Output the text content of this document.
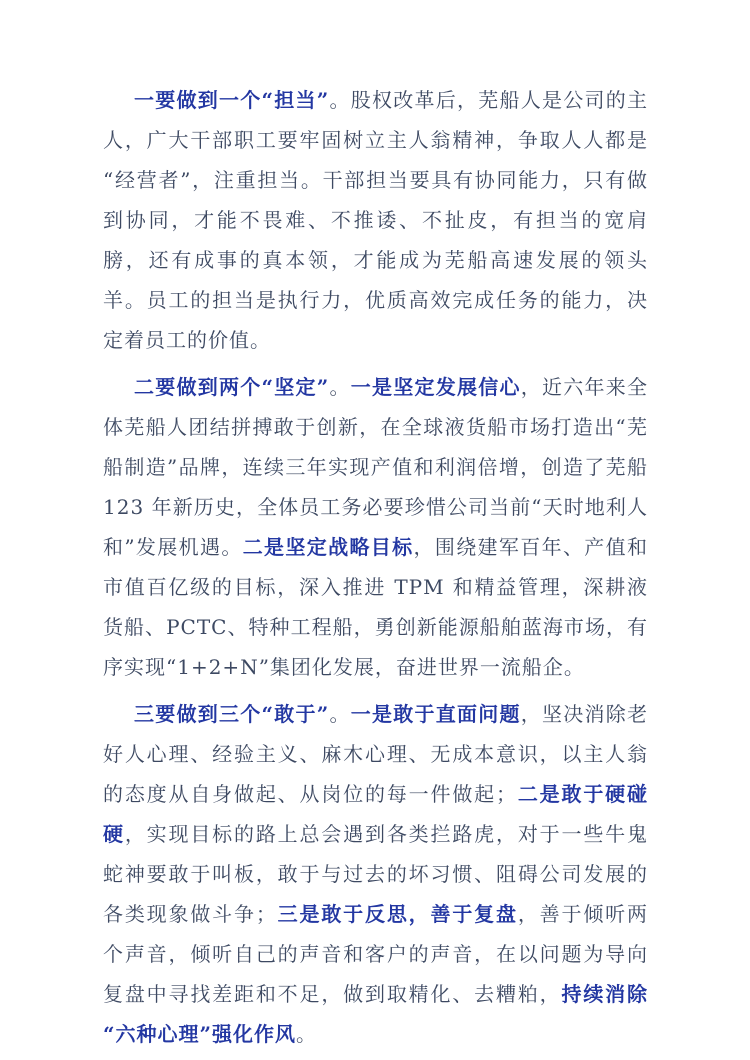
一要做到一个“担当”。股权改革后，芜船人是公司的主人，广大干部职工要牢固树立主人翁精神，争取人人都是“经营者”，注重担当。干部担当要具有协同能力，只有做到协同，才能不畏难、不推诿、不扯皮，有担当的宽肩膀，还有成事的真本领，才能成为芜船高速发展的领头羊。员工的担当是执行力，优质高效完成任务的能力，决定着员工的价值。

二要做到两个“坚定”。一是坚定发展信心，近六年来全体芜船人团结拼搏敢于创新，在全球液货船市场打造出“芜船制造”品牌，连续三年实现产值和利润倍增，创造了芜船 123 年新历史，全体员工务必要珍惜公司当前“天时地利人和”发展机遇。二是坚定战略目标，围绕建军百年、产值和市值百亿级的目标，深入推进 TPM 和精益管理，深耕液货船、PCTC、特种工程船，勇创新能源船舶蓝海市场，有序实现“1+2+N”集团化发展，奋进世界一流船企。

三要做到三个“敢于”。一是敢于直面问题，坚决消除老好人心理、经验主义、麻木心理、无成本意识，以主人翁的态度从自身做起、从岗位的每一件做起；二是敢于硬碰硬，实现目标的路上总会遇到各类拦路虎，对于一些牛鬼蛇神要敢于叫板，敢于与过去的坏习惯、阻碍公司发展的各类现象做斗争；三是敢于反思，善于复盘，善于倾听两个声音，倾听自己的声音和客户的声音，在以问题为导向复盘中寻找差距和不足，做到取精化、去糟粕，持续消除“六种心理”强化作风。
